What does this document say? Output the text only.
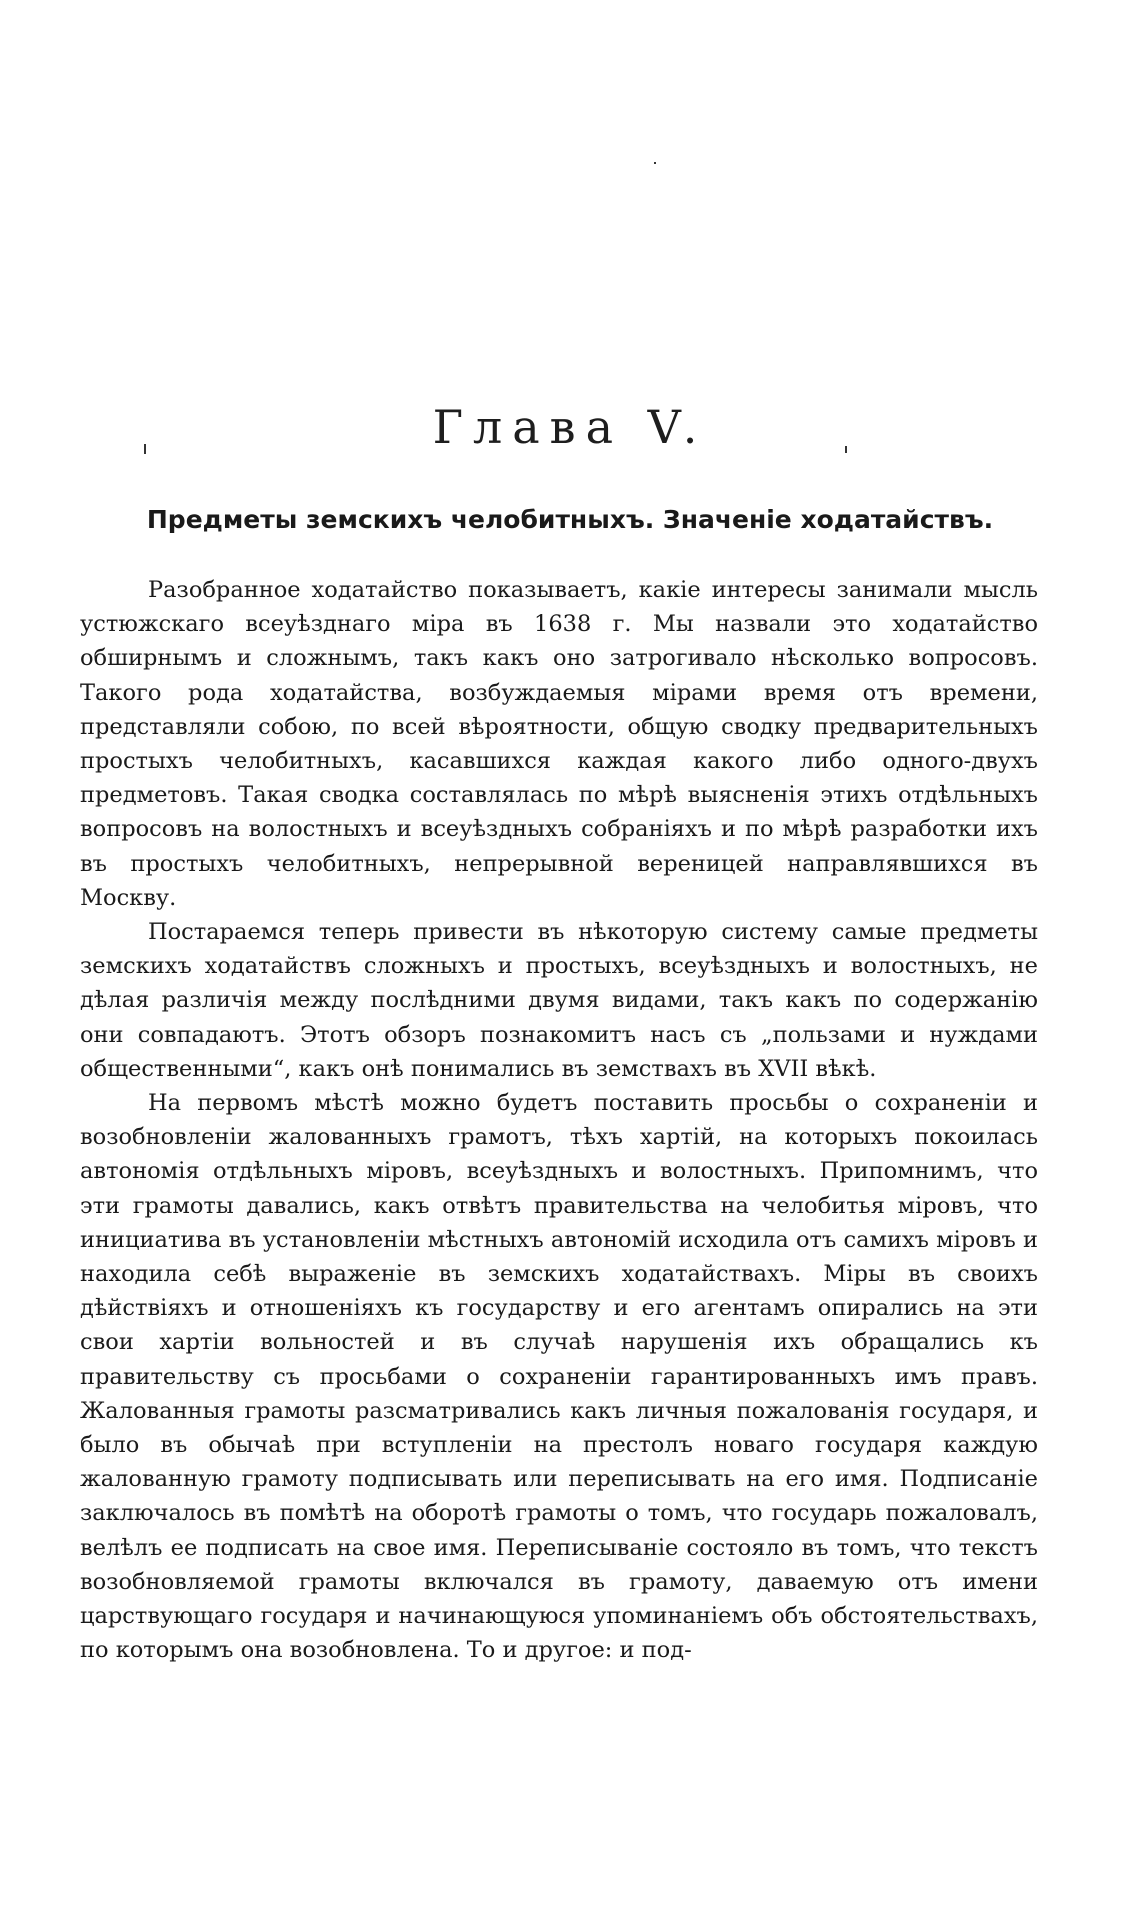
Глава V.
Предметы земскихъ челобитныхъ. Значенiе ходатайствъ.

Разобранное ходатайство показываетъ, какiе интересы занимали мысль устюжскаго всеуѣзднаго мiра въ 1638 г. Мы назвали это ходатайство обширнымъ и сложнымъ, такъ какъ оно затрогивало нѣсколько вопросовъ. Такого рода ходатайства, возбуждаемыя мiрами время отъ времени, представляли собою, по всей вѣроятности, общую сводку предварительныхъ простыхъ челобитныхъ, касавшихся каждая какого либо одного-двухъ предметовъ. Такая сводка составлялась по мѣрѣ выясненiя этихъ отдѣльныхъ вопросовъ на волостныхъ и всеуѣздныхъ собранiяхъ и по мѣрѣ разработки ихъ въ простыхъ челобитныхъ, непрерывной вереницей направлявшихся въ Москву.

Постараемся теперь привести въ нѣкоторую систему самые предметы земскихъ ходатайствъ сложныхъ и простыхъ, всеуѣздныхъ и волостныхъ, не дѣлая различiя между послѣдними двумя видами, такъ какъ по содержанiю они совпадаютъ. Этотъ обзоръ познакомитъ насъ съ „пользами и нуждами общественными“, какъ онѣ понимались въ земствахъ въ XVII вѣкѣ.

На первомъ мѣстѣ можно будетъ поставить просьбы о сохраненiи и возобновленiи жалованныхъ грамотъ, тѣхъ хартiй, на которыхъ покоилась автономiя отдѣльныхъ мiровъ, всеуѣздныхъ и волостныхъ. Припомнимъ, что эти грамоты давались, какъ отвѣтъ правительства на челобитья мiровъ, что инициатива въ установленiи мѣстныхъ автономiй исходила отъ самихъ мiровъ и находила себѣ выраженiе въ земскихъ ходатайствахъ. Мiры въ своихъ дѣйствiяхъ и отношенiяхъ къ государству и его агентамъ опирались на эти свои хартiи вольностей и въ случаѣ нарушенiя ихъ обращались къ правительству съ просьбами о сохраненiи гарантированныхъ имъ правъ. Жалованныя грамоты разсматривались какъ личныя пожалованiя государя, и было въ обычаѣ при вступленiи на престолъ новаго государя каждую жалованную грамоту подписывать или переписывать на его имя. Подписанiе заключалось въ помѣтѣ на оборотѣ грамоты о томъ, что государь пожаловалъ, велѣлъ ее подписать на свое имя. Переписыванiе состояло въ томъ, что текстъ возобновляемой грамоты включался въ грамоту, даваемую отъ имени царствующаго государя и начинающуюся упоминанiемъ объ обстоятельствахъ, по которымъ она возобновлена. То и другое: и под-
